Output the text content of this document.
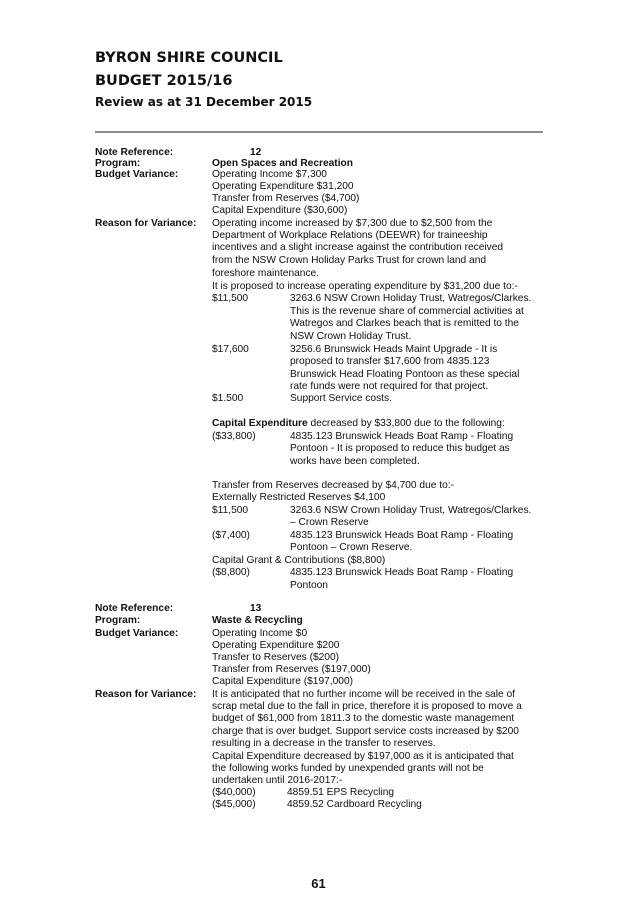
BYRON SHIRE COUNCIL
BUDGET 2015/16
Review as at 31 December 2015
Note Reference:	12
Program:	Open Spaces and Recreation
Budget Variance:	Operating Income $7,300
Operating Expenditure $31,200
Transfer from Reserves ($4,700)
Capital Expenditure ($30,600)
Reason for Variance: Operating income increased by $7,300 due to $2,500 from the
Department of Workplace Relations (DEEWR) for traineeship
incentives and a slight increase against the contribution received
from the NSW Crown Holiday Parks Trust for crown land and
foreshore maintenance.
It is proposed to increase operating expenditure by $31,200 due to:-
$11,500	3263.6 NSW Crown Holiday Trust, Watregos/Clarkes.
This is the revenue share of commercial activities at
Watregos and Clarkes beach that is remitted to the
NSW Crown Holiday Trust.
$17,600	3256.6 Brunswick Heads Maint Upgrade - It is
proposed to transfer $17,600 from 4835.123
Brunswick Head Floating Pontoon as these special
rate funds were not required for that project.
$1.500	Support Service costs.
Capital Expenditure decreased by $33,800 due to the following:
($33,800)	4835.123 Brunswick Heads Boat Ramp - Floating
Pontoon - It is proposed to reduce this budget as
works have been completed.
Transfer from Reserves decreased by $4,700 due to:-
Externally Restricted Reserves $4,100
$11,500	3263.6 NSW Crown Holiday Trust, Watregos/Clarkes.
– Crown Reserve
($7,400)	4835.123 Brunswick Heads Boat Ramp - Floating
Pontoon – Crown Reserve.
Capital Grant & Contributions ($8,800)
($8,800)	4835.123 Brunswick Heads Boat Ramp - Floating
Pontoon
Note Reference:	13
Program:	Waste & Recycling
Budget Variance:	Operating Income $0
Operating Expenditure $200
Transfer to Reserves ($200)
Transfer from Reserves ($197,000)
Capital Expenditure ($197,000)
Reason for Variance: It is anticipated that no further income will be received in the sale of
scrap metal due to the fall in price, therefore it is proposed to move a
budget of $61,000 from 1811.3 to the domestic waste management
charge that is over budget. Support service costs increased by $200
resulting in a decrease in the transfer to reserves.
Capital Expenditure decreased by $197,000 as it is anticipated that
the following works funded by unexpended grants will not be
undertaken until 2016-2017:-
($40,000)	4859.51 EPS Recycling
($45,000)	4859.52 Cardboard Recycling
61
